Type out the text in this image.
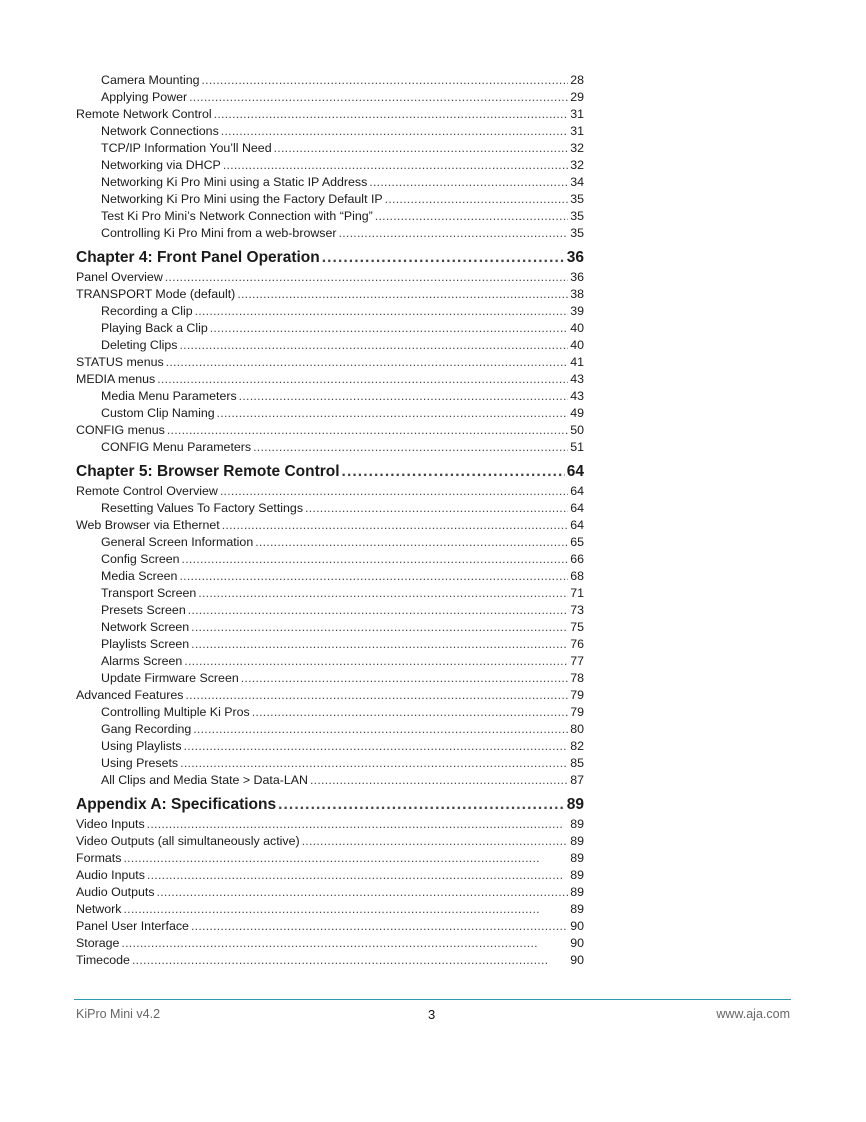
Camera Mounting . . .	28
Applying Power . . .	29
Remote Network Control . . .	31
Network Connections . . .	31
TCP/IP Information You’ll Need . . .	32
Networking via DHCP . . .	32
Networking Ki Pro Mini using a Static IP Address . . .	34
Networking Ki Pro Mini using the Factory Default IP . . .	35
Test Ki Pro Mini’s Network Connection with “Ping” . . .	35
Controlling Ki Pro Mini from a web-browser . . .	35
Chapter 4: Front Panel Operation . . .	36
Panel Overview . . .	36
TRANSPORT Mode (default) . . .	38
Recording a Clip . . .	39
Playing Back a Clip . . .	40
Deleting Clips . . .	40
STATUS menus . . .	41
MEDIA menus . . .	43
Media Menu Parameters . . .	43
Custom Clip Naming . . .	49
CONFIG menus . . .	50
CONFIG Menu Parameters . . .	51
Chapter 5: Browser Remote Control . . .	64
Remote Control Overview . . .	64
Resetting Values To Factory Settings . . .	64
Web Browser via Ethernet . . .	64
General Screen Information . . .	65
Config Screen . . .	66
Media Screen . . .	68
Transport Screen . . .	71
Presets Screen . . .	73
Network Screen . . .	75
Playlists Screen . . .	76
Alarms Screen . . .	77
Update Firmware Screen . . .	78
Advanced Features . . .	79
Controlling Multiple Ki Pros . . .	79
Gang Recording . . .	80
Using Playlists . . .	82
Using Presets . . .	85
All Clips and Media State > Data-LAN . . .	87
Appendix A: Specifications . . .	89
Video Inputs . . .	89
Video Outputs (all simultaneously active) . . .	89
Formats . . .	89
Audio Inputs . . .	89
Audio Outputs . . .	89
Network . . .	89
Panel User Interface . . .	90
Storage . . .	90
Timecode . . .	90
KiPro Mini v4.2	3	www.aja.com
